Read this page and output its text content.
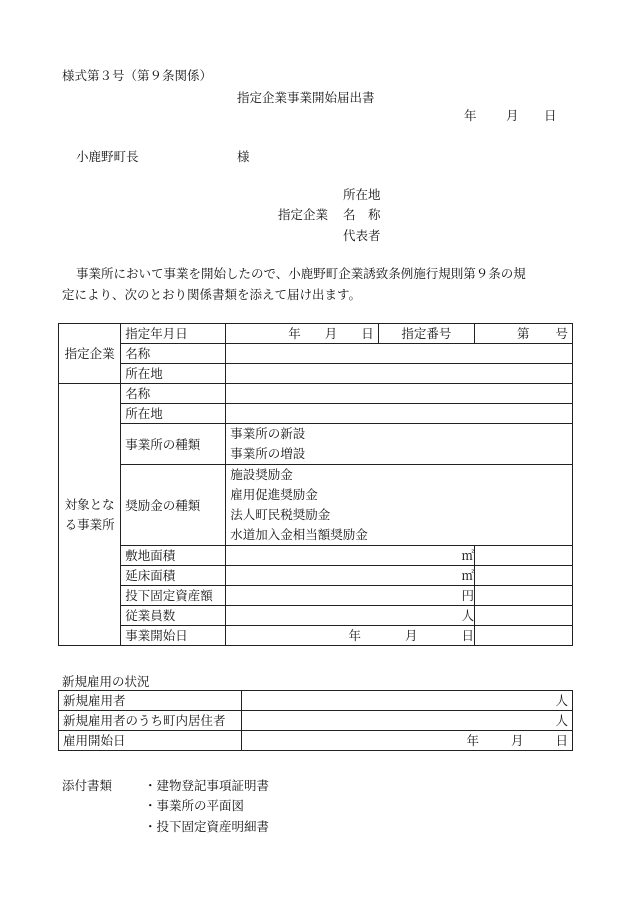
様式第３号（第９条関係）
指定企業事業開始届出書
年 月 日
小鹿野町長	様
所在地
指定企業 名　称
代表者
事業所において事業を開始したので、小鹿野町企業誘致条例施行規則第９条の規
定により、次のとおり関係書類を添えて届け出ます。
指定企業	指定年月日	年 月 日	指定番号	第 号

	名称			
	所在地			

対象とな
る事業所	名称			
	所在地			
	事業所の種類	事業所の新設
事業所の増設		

	奨励金の種類	施設奨励金
雇用促進奨励金
法人町民税奨励金
水道加入金相当額奨励金		

	敷地面積	㎡		
	延床面積	㎡		
	投下固定資産額	円		
	従業員数	人		
	事業開始日	年 月 日		
新規雇用の状況
新規雇用者	人
新規雇用者のうち町内居住者	人
雇用開始日	年 月 日
添付書類	・建物登記事項証明書
・事業所の平面図
・投下固定資産明細書
